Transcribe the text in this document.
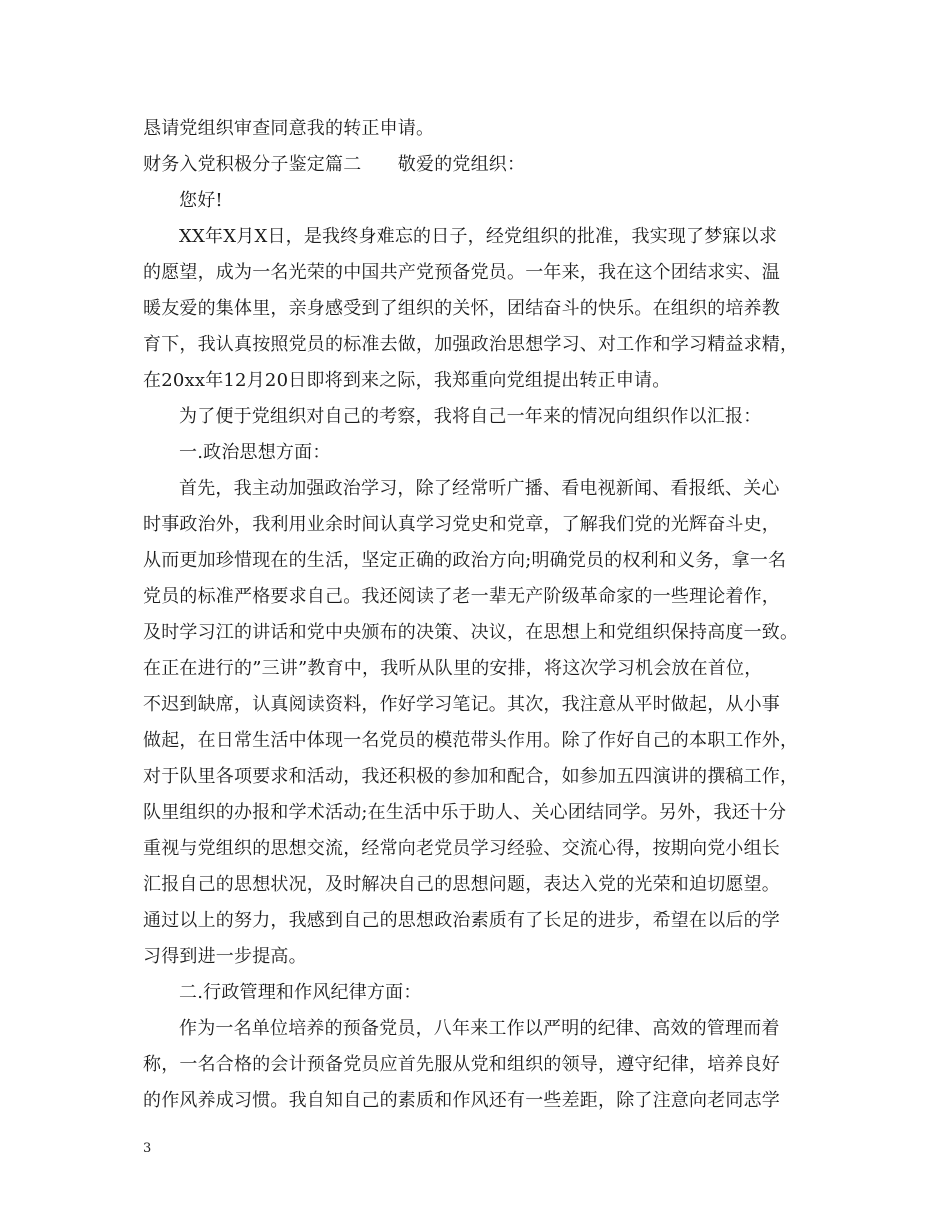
恳请党组织审查同意我的转正申请。
财务入党积极分子鉴定篇二　　敬爱的党组织：
您好!
XX年X月X日，是我终身难忘的日子，经党组织的批准，我实现了梦寐以求
的愿望，成为一名光荣的中国共产党预备党员。一年来，我在这个团结求实、温
暖友爱的集体里，亲身感受到了组织的关怀，团结奋斗的快乐。在组织的培养教
育下，我认真按照党员的标准去做，加强政治思想学习、对工作和学习精益求精，
在20xx年12月20日即将到来之际，我郑重向党组提出转正申请。
为了便于党组织对自己的考察，我将自己一年来的情况向组织作以汇报：
一.政治思想方面：
首先，我主动加强政治学习，除了经常听广播、看电视新闻、看报纸、关心
时事政治外，我利用业余时间认真学习党史和党章，了解我们党的光辉奋斗史，
从而更加珍惜现在的生活，坚定正确的政治方向;明确党员的权利和义务，拿一名
党员的标准严格要求自己。我还阅读了老一辈无产阶级革命家的一些理论着作，
及时学习江的讲话和党中央颁布的决策、决议，在思想上和党组织保持高度一致。
在正在进行的”三讲”教育中，我听从队里的安排，将这次学习机会放在首位，
不迟到缺席，认真阅读资料，作好学习笔记。其次，我注意从平时做起，从小事
做起，在日常生活中体现一名党员的模范带头作用。除了作好自己的本职工作外，
对于队里各项要求和活动，我还积极的参加和配合，如参加五四演讲的撰稿工作，
队里组织的办报和学术活动;在生活中乐于助人、关心团结同学。另外，我还十分
重视与党组织的思想交流，经常向老党员学习经验、交流心得，按期向党小组长
汇报自己的思想状况，及时解决自己的思想问题，表达入党的光荣和迫切愿望。
通过以上的努力，我感到自己的思想政治素质有了长足的进步，希望在以后的学
习得到进一步提高。
二.行政管理和作风纪律方面：
作为一名单位培养的预备党员，八年来工作以严明的纪律、高效的管理而着
称，一名合格的会计预备党员应首先服从党和组织的领导，遵守纪律，培养良好
的作风养成习惯。我自知自己的素质和作风还有一些差距，除了注意向老同志学
3
